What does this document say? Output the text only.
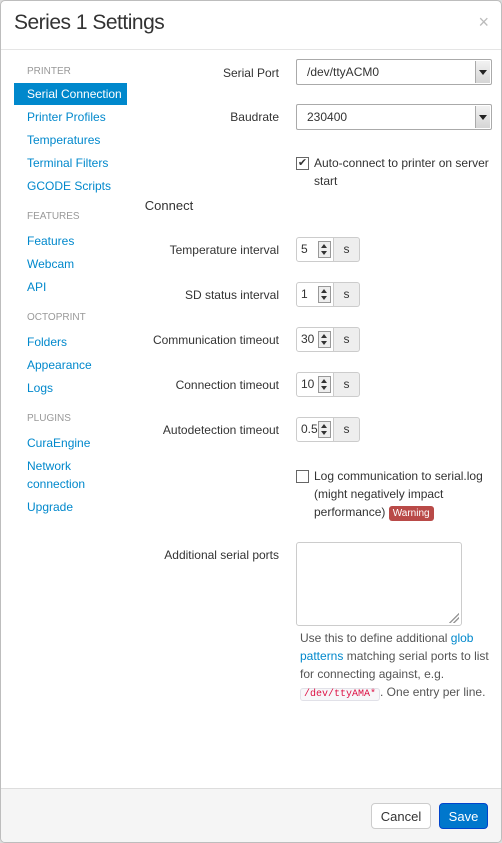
Series 1 Settings	×
PRINTER
Serial Connection
Printer Profiles
Temperatures
Terminal Filters
GCODE Scripts
FEATURES
Features
Webcam
API
OCTOPRINT
Folders
Appearance
Logs
PLUGINS
CuraEngine
Network connection
Upgrade
Serial Port	/dev/ttyACM0
Baudrate	230400
✔ Auto-connect to printer on server start
Connect
Temperature interval	5	s
SD status interval	1	s
Communication timeout	30	s
Connection timeout	10	s
Autodetection timeout	0.5	s
Log communication to serial.log (might negatively impact performance) Warning
Additional serial ports
Use this to define additional glob patterns matching serial ports to list for connecting against, e.g. /dev/ttyAMA* . One entry per line.
Cancel	Save
